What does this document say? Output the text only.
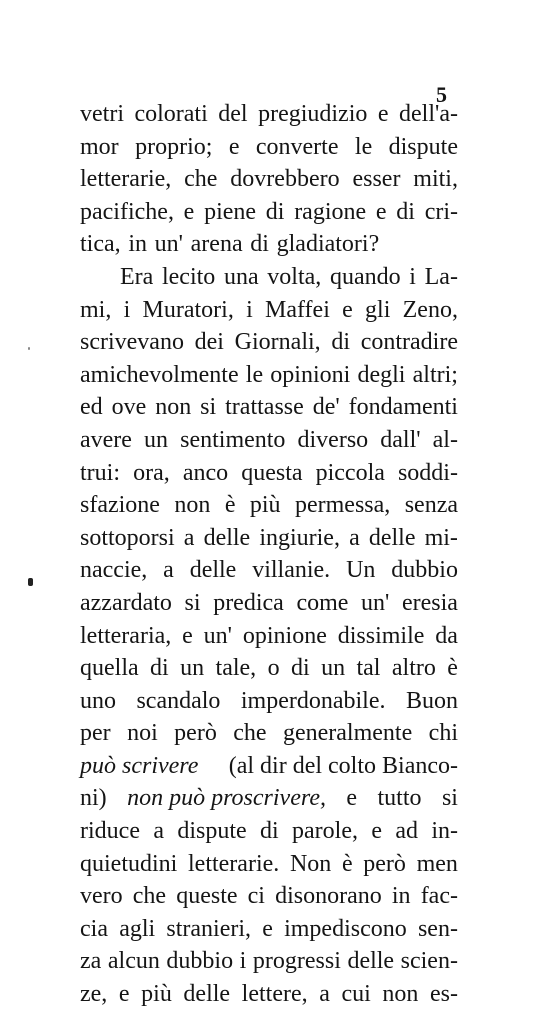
5
vetri colorati del pregiudizio e dell'a-
mor proprio; e converte le dispute
letterarie, che dovrebbero esser miti,
pacifiche, e piene di ragione e di cri-
tica, in un' arena di gladiatori?
Era lecito una volta, quando i La-
mi, i Muratori, i Maffei e gli Zeno,
scrivevano dei Giornali, di contradire
amichevolmente le opinioni degli altri;
ed ove non si trattasse de' fondamenti
avere un sentimento diverso dall' al-
trui: ora, anco questa piccola soddi-
sfazione non è più permessa, senza
sottoporsi a delle ingiurie, a delle mi-
naccie, a delle villanie. Un dubbio
azzardato si predica come un' eresia
letteraria, e un' opinione dissimile da
quella di un tale, o di un tal altro è
uno scandalo imperdonabile. Buon
per noi però che generalmente chi
può scrivere (al dir del colto Bianco-
ni) non può proscrivere, e tutto si
riduce a dispute di parole, e ad in-
quietudini letterarie. Non è però men
vero che queste ci disonorano in fac-
cia agli stranieri, e impediscono sen-
za alcun dubbio i progressi delle scien-
ze, e più delle lettere, a cui non es-
